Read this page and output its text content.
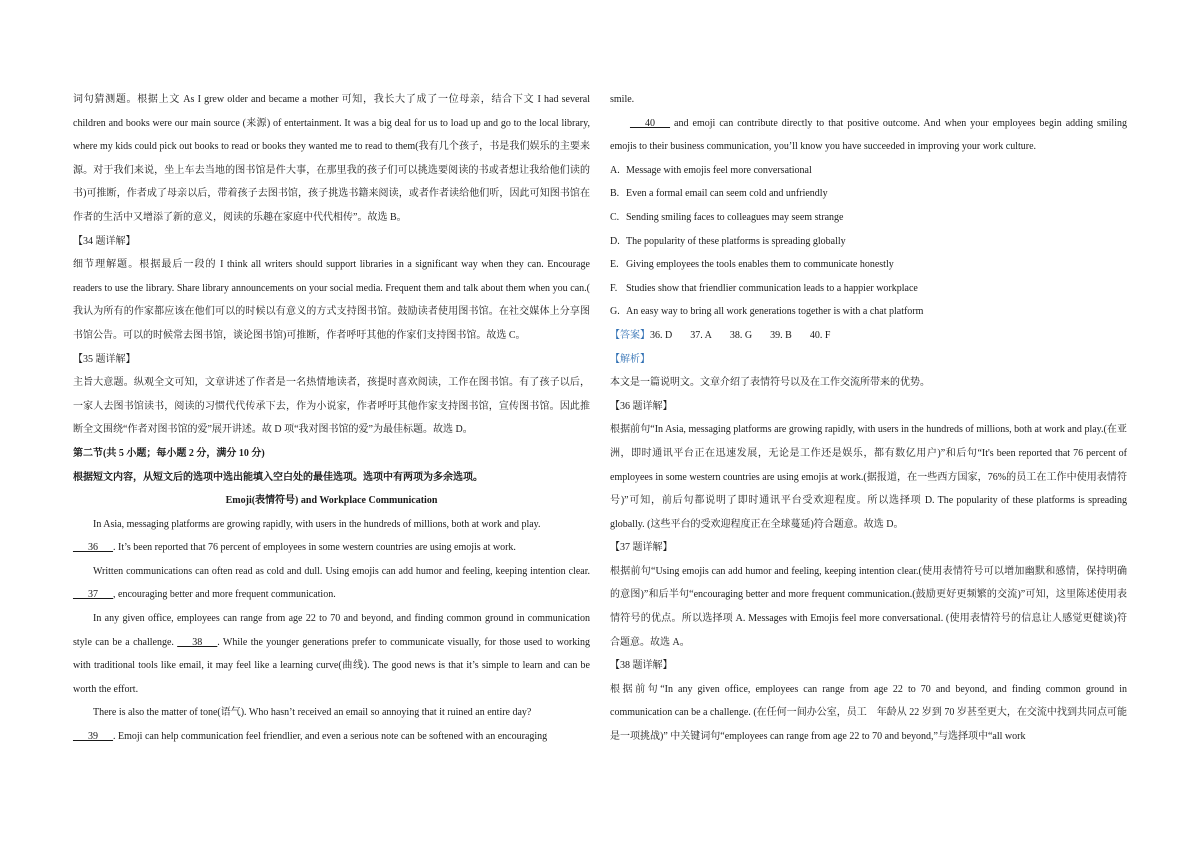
词句猜测题。根据上文 As I grew older and became a mother 可知，我长大了成了一位母亲，结合下文 I had several children and books were our main source (来源) of entertainment. It was a big deal for us to load up and go to the local library, where my kids could pick out books to read or books they wanted me to read to them(我有几个孩子，书是我们娱乐的主要来源。对于我们来说，坐上车去当地的图书馆是件大事，在那里我的孩子们可以挑选要阅读的书或者想让我给他们读的书)可推断，作者成了母亲以后，带着孩子去图书馆，孩子挑选书籍来阅读，或者作者读给他们听，因此可知图书馆在作者的生活中又增添了新的意义，阅读的乐趣在家庭中代代相传”。故选 B。

【34 题详解】

细节理解题。根据最后一段的 I think all writers should support libraries in a significant way when they can. Encourage readers to use the library. Share library announcements on your social media. Frequent them and talk about them when you can.( 我认为所有的作家都应该在他们可以的时候以有意义的方式支持图书馆。鼓励读者使用图书馆。在社交媒体上分享图书馆公告。可以的时候常去图书馆，谈论图书馆)可推断，作者呼吁其他的作家们支持图书馆。故选 C。

【35 题详解】

主旨大意题。纵观全文可知，文章讲述了作者是一名热情地读者，孩提时喜欢阅读，工作在图书馆。有了孩子以后，一家人去图书馆读书，阅读的习惯代代传承下去，作为小说家，作者呼吁其他作家支持图书馆，宣传图书馆。因此推断全文围绕“作者对图书馆的爱”展开讲述。故 D 项“我对图书馆的爱”为最佳标题。故选 D。

第二节(共 5 小题；每小题 2 分，满分 10 分)

根据短文内容，从短文后的选项中选出能填入空白处的最佳选项。选项中有两项为多余选项。

Emoji(表情符号) and Workplace Communication

In Asia, messaging platforms are growing rapidly, with users in the hundreds of millions, both at work and play.

___36___. It’s been reported that 76 percent of employees in some western countries are using emojis at work.

Written communications can often read as cold and dull. Using emojis can add humor and feeling, keeping intention clear. ___37___, encouraging better and more frequent communication.

In any given office, employees can range from age 22 to 70 and beyond, and finding common ground in communication style can be a challenge. ___38___. While the younger generations prefer to communicate visually, for those used to working with traditional tools like email, it may feel like a learning curve(曲线). The good news is that it’s simple to learn and can be worth the effort.

There is also the matter of tone(语气). Who hasn’t received an email so annoying that it ruined an entire day?

___39___. Emoji can help communication feel friendlier, and even a serious note can be softened with an encouraging

smile.

___40___ and emoji can contribute directly to that positive outcome. And when your employees begin adding smiling emojis to their business communication, you’ll know you have succeeded in improving your work culture.

A. Message with emojis feel more conversational
B. Even a formal email can seem cold and unfriendly
C. Sending smiling faces to colleagues may seem strange
D. The popularity of these platforms is spreading globally
E. Giving employees the tools enables them to communicate honestly
F. Studies show that friendlier communication leads to a happier workplace
G. An easy way to bring all work generations together is with a chat platform

【答案】36. D 37. A 38. G 39. B 40. F

【解析】

本文是一篇说明文。文章介绍了表情符号以及在工作交流所带来的优势。

【36 题详解】

根据前句“In Asia, messaging platforms are growing rapidly, with users in the hundreds of millions, both at work and play.(在亚洲，即时通讯平台正在迅速发展，无论是工作还是娱乐，都有数亿用户)”和后句“It's been reported that 76 percent of employees in some western countries are using emojis at work.(据报道，在一些西方国家，76%的员工在工作中使用表情符号)”可知，前后句都说明了即时通讯平台受欢迎程度。所以选择项 D. The popularity of these platforms is spreading globally. (这些平台的受欢迎程度正在全球蔓延)符合题意。故选 D。

【37 题详解】

根据前句“Using emojis can add humor and feeling, keeping intention clear.(使用表情符号可以增加幽默和感情，保持明确的意图)”和后半句“encouraging better and more frequent communication.(鼓励更好更频繁的交流)”可知，这里陈述使用表情符号的优点。所以选择项 A. Messages with Emojis feel more conversational. (使用表情符号的信息让人感觉更健谈)符合题意。故选 A。

【38 题详解】

根据前句“In any given office, employees can range from age 22 to 70 and beyond, and finding common ground in communication can be a challenge. (在任何一间办公室，员工　年龄从 22 岁到 70 岁甚至更大，在交流中找到共同点可能是一项挑战)” 中关键词句“employees can range from age 22 to 70 and beyond,”与选择项中“all work
